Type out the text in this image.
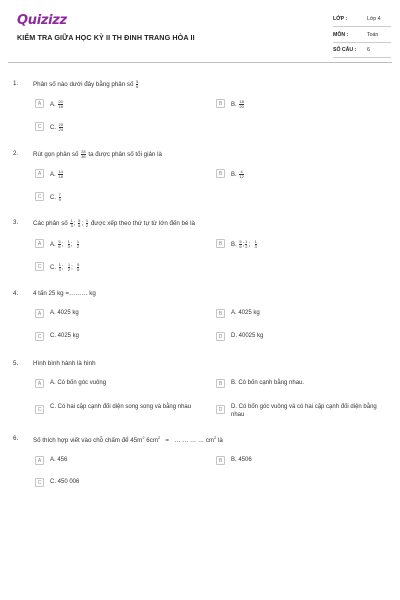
Quizizz
KIỂM TRA GIỮA HỌC KỲ II TH ĐINH TRANG HÒA II
LỚP :	Lớp 4
MÔN :	Toán
SỐ CÂU : 6
1. Phân số nào dưới đây bằng phân số $\frac{5}{6}$
A	A. $\frac{20}{18}$	B	B. $\frac{18}{20}$
C	C. $\frac{20}{24}$
2. Rút gọn phân số $\frac{28}{36}$ ta được phân số tối giản là
A	A. $\frac{14}{18}$	B	B. $\frac{4}{12}$
C	C. $\frac{7}{9}$
3. Các phân số $\frac{1}{3}$ ; $\frac{5}{6}$ ; $\frac{1}{2}$ được xếp theo thứ tự từ lớn đến bé là
A	A. $\frac{5}{6}$ ; $\frac{1}{3}$ ; $\frac{1}{2}$	B	B. $\frac{5}{6}$ ; $\frac{1}{2}$ ; $\frac{1}{3}$
C	C. $\frac{1}{3}$ ; $\frac{1}{2}$ ; $\frac{5}{6}$
4. 4 tấn 25 kg =……… kg
A	A. 4025 kg	B	A. 4025 kg
C	C. 4025 kg	D	D. 40025 kg
5. Hình bình hành là hình
A	A. Có bốn góc vuông	B	B. Có bốn cạnh bằng nhau.
C	C. Có hai cặp cạnh đối diện song song và bằng nhau	D	D. Có bốn góc vuông và có hai cặp cạnh đối diện bằng nhau
6. Số thích hợp viết vào chỗ chấm để $45m^2$ $6cm^2$ = … … … … $cm^2$ là
A	A. 456	B	B. 4506
C	C. 450 006
